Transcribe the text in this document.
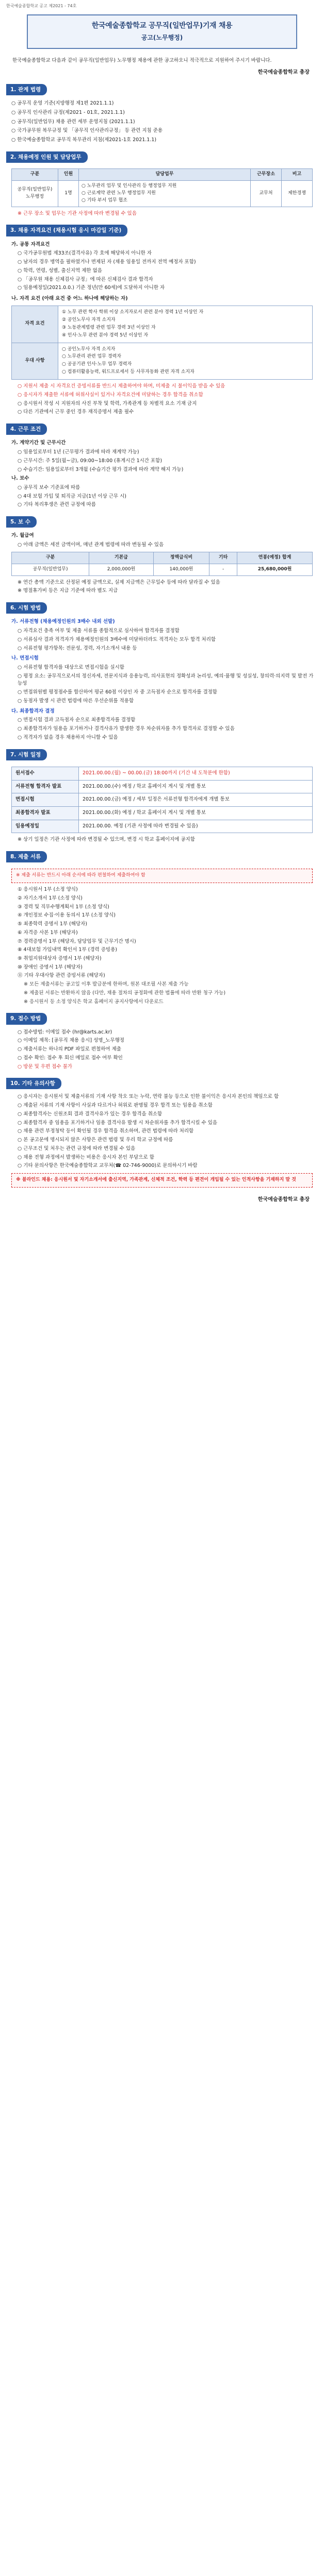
한국예술종합학교 공고 제2021 - 74호
한국예술종합학교 공무직(일반업무)기재 채용
공고(노무행정)
한국예술종합학교 다음과 같이 공무직(일반업무) 노무행정 채용에 관한 공고하오니 적극적으로 지원하여 주시기 바랍니다.
한국예술종합학교 총장
1. 관계 법령
○ 공무직 운영 기준(지방행정 제1편 2021.1.1)
○ 공무직 인사관리 규정(제2021 - 01호, 2021.1.1)
○ 공무직(일반업무) 채용 관련 세부 운영지침 (2021.1.1)
○ 국가공무원 복무규정 및 「공무직 인사관리규정」 등 관련 지침 준용
○ 한국예술종합학교 공무직 복무관리 지침(제2021-1호 2021.1.1)
2. 채용예정 인원 및 담당업무
구분	인원	담당업무	근무장소	비고
공무직(일반업무) 노무행정	1명	○ 노무관리 업무 및 인사관리 등 행정업무 지원
○ 근로계약 관련 노무 행정업무 지원
○ 기타 부서 업무 협조	교무처	제한경쟁
※ 근무 장소 및 업무는 기관 사정에 따라 변경될 수 있음
3. 채용 자격요건 (채용시험 응시 마감일 기준)
가. 공통 자격요건
○ 국가공무원법 제33조(결격사유) 각 호에 해당하지 아니한 자
○ 남자의 경우 병역을 필하였거나 면제된 자 (채용 임용일 전까지 전역 예정자 포함)
○ 학력, 연령, 성별, 출신지역 제한 없음
○ 「공무원 채용 신체검사 규정」에 따른 신체검사 결과 합격자
○ 임용예정일(2021.0.0.) 기준 정년(만 60세)에 도달하지 아니한 자
나. 자격 요건 (아래 요건 중 어느 하나에 해당하는 자)
자격 요건
① 노무 관련 학사 학위 이상 소지자로서 관련 분야 경력 1년 이상인 자
② 공인노무사 자격 소지자
③ 노동관계법령 관련 업무 경력 3년 이상인 자
④ 인사·노무 관련 분야 경력 5년 이상인 자
우대 사항
○ 공인노무사 자격 소지자
○ 노무관리 관련 업무 경력자
○ 공공기관 인사·노무 업무 경력자
○ 컴퓨터활용능력, 워드프로세서 등 사무자동화 관련 자격 소지자
○ 지원서 제출 시 자격요건 증빙서류를 반드시 제출하여야 하며, 미제출 시 불이익을 받을 수 있음
○ 응시자가 제출한 서류에 허위사실이 있거나 자격요건에 미달하는 경우 합격을 취소함
○ 응시원서 작성 시 지원자의 사진 부착 및 학력, 가족관계 등 차별적 요소 기재 금지
○ 다른 기관에서 근무 중인 경우 재직증명서 제출 필수
4. 근무 조건
가. 계약기간 및 근무시간
○ 임용일로부터 1년 (근무평가 결과에 따라 재계약 가능)
○ 근무시간: 주 5일(월~금), 09:00~18:00 (휴게시간 1시간 포함)
○ 수습기간: 임용일로부터 3개월 (수습기간 평가 결과에 따라 계약 해지 가능)
나. 보수
○ 공무직 보수 기준표에 따름
○ 4대 보험 가입 및 퇴직금 지급(1년 이상 근무 시)
○ 기타 복리후생은 관련 규정에 따름
5. 보 수
가. 월급여
○ 아래 금액은 세전 금액이며, 매년 관계 법령에 따라 변동될 수 있음
구분	기본급	정액급식비	기타	연봉(예정) 합계
공무직(일반업무)	2,000,000원	140,000원	-	25,680,000원
※ 연간 총액 기준으로 산정된 예정 금액으로, 실제 지급액은 근무일수 등에 따라 달라질 수 있음
※ 명절휴가비 등은 지급 기준에 따라 별도 지급
6. 시험 방법
가. 서류전형 (채용예정인원의 3배수 내외 선발)
○ 자격요건 충족 여부 및 제출 서류를 종합적으로 심사하여 합격자를 결정함
○ 서류심사 결과 적격자가 채용예정인원의 3배수에 미달하더라도 적격자는 모두 합격 처리함
○ 서류전형 평가항목: 전문성, 경력, 자기소개서 내용 등
나. 면접시험
○ 서류전형 합격자를 대상으로 면접시험을 실시함
○ 평정 요소: 공무직으로서의 정신자세, 전문지식과 응용능력, 의사표현의 정확성과 논리성, 예의·품행 및 성실성, 창의력·의지력 및 발전 가능성
○ 면접위원별 평정점수를 합산하여 평균 60점 이상인 자 중 고득점자 순으로 합격자를 결정함
○ 동점자 발생 시 관련 법령에 따른 우선순위를 적용함
다. 최종합격자 결정
○ 면접시험 결과 고득점자 순으로 최종합격자를 결정함
○ 최종합격자가 임용을 포기하거나 결격사유가 발생한 경우 차순위자를 추가 합격자로 결정할 수 있음
○ 적격자가 없을 경우 채용하지 아니할 수 있음
7. 시험 일정
원서접수	2021.00.00.(월) ~ 00.00.(금) 18:00까지 (기간 내 도착분에 한함)
서류전형 합격자 발표	2021.00.00.(수) 예정 / 학교 홈페이지 게시 및 개별 통보
면접시험	2021.00.00.(금) 예정 / 세부 일정은 서류전형 합격자에게 개별 통보
최종합격자 발표	2021.00.00.(화) 예정 / 학교 홈페이지 게시 및 개별 통보
임용예정일	2021.00.00. 예정 (기관 사정에 따라 변경될 수 있음)
※ 상기 일정은 기관 사정에 따라 변경될 수 있으며, 변경 시 학교 홈페이지에 공지함
8. 제출 서류
※ 제출 서류는 반드시 아래 순서에 따라 편철하여 제출하여야 함
① 응시원서 1부 (소정 양식)
② 자기소개서 1부 (소정 양식)
③ 경력 및 직무수행계획서 1부 (소정 양식)
④ 개인정보 수집·이용 동의서 1부 (소정 양식)
⑤ 최종학력 증명서 1부 (해당자)
⑥ 자격증 사본 1부 (해당자)
⑦ 경력증명서 1부 (해당자, 담당업무 및 근무기간 명시)
⑧ 4대보험 가입내역 확인서 1부 (경력 증빙용)
⑨ 취업지원대상자 증명서 1부 (해당자)
⑩ 장애인 증명서 1부 (해당자)
⑪ 기타 우대사항 관련 증빙서류 (해당자)
※ 모든 제출서류는 공고일 이후 발급분에 한하며, 원본 대조필 사본 제출 가능
※ 제출된 서류는 반환하지 않음 (다만, 채용 절차의 공정화에 관한 법률에 따라 반환 청구 가능)
※ 응시원서 등 소정 양식은 학교 홈페이지 공지사항에서 다운로드
9. 접수 방법
○ 접수방법: 이메일 접수 (hr@karts.ac.kr)
○ 이메일 제목: [공무직 채용 응시] 성명_노무행정
○ 제출서류는 하나의 PDF 파일로 편철하여 제출
○ 접수 확인: 접수 후 회신 메일로 접수 여부 확인
○ 방문 및 우편 접수 불가
10. 기타 유의사항
○ 응시자는 응시원서 및 제출서류의 기재 사항 착오 또는 누락, 연락 불능 등으로 인한 불이익은 응시자 본인의 책임으로 함
○ 제출된 서류의 기재 사항이 사실과 다르거나 허위로 판명될 경우 합격 또는 임용을 취소함
○ 최종합격자는 신원조회 결과 결격사유가 있는 경우 합격을 취소함
○ 최종합격자 중 임용을 포기하거나 임용 결격사유 발생 시 차순위자를 추가 합격시킬 수 있음
○ 채용 관련 부정청탁 등이 확인될 경우 합격을 취소하며, 관련 법령에 따라 처리함
○ 본 공고문에 명시되지 않은 사항은 관련 법령 및 우리 학교 규정에 따름
○ 근무조건 및 처우는 관련 규정에 따라 변경될 수 있음
○ 채용 전형 과정에서 발생하는 비용은 응시자 본인 부담으로 함
○ 기타 문의사항은 한국예술종합학교 교무처(☎ 02-746-9000)로 문의하시기 바람
※ 블라인드 채용: 응시원서 및 자기소개서에 출신지역, 가족관계, 신체적 조건, 학력 등 편견이 개입될 수 있는 인적사항을 기재하지 말 것
한국예술종합학교 총장
